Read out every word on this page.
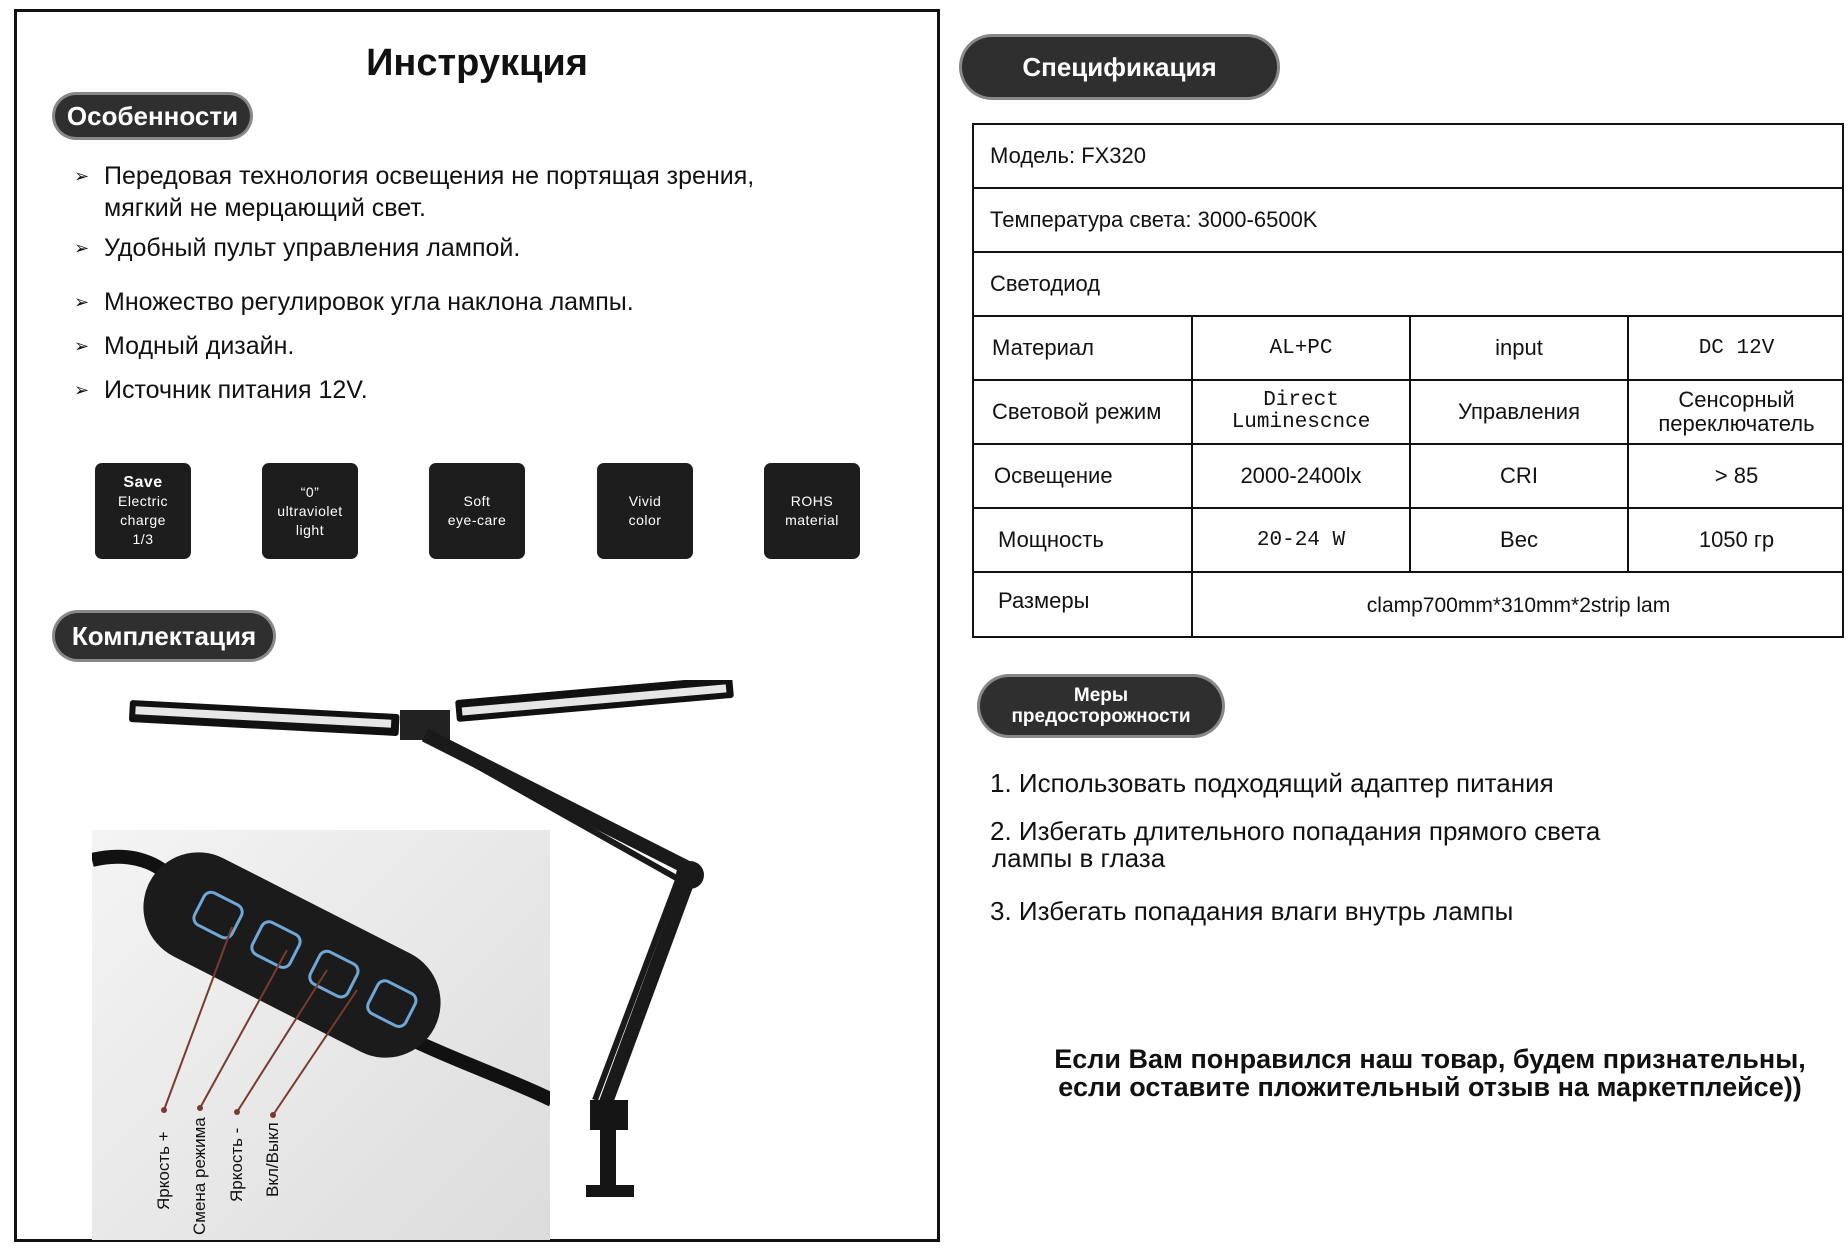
Инструкция
Особенности
➢ Передовая технология освещения не портящая зрения, мягкий не мерцающий свет.
➢ Удобный пульт управления лампой.
➢ Множество регулировок угла наклона лампы.
➢ Модный дизайн.
➢ Источник питания 12V.
Save
Electric
charge
1/3
“0”
ultraviolet
light
Soft
eye-care
Vivid
color
ROHS
material
Комплектация
Яркость + Смена режима Яркость - Вкл/Выкл
Спецификация
Модель: FX320
Температура света: 3000-6500K
Светодиод
Материал	AL+PC	input	DC 12V
Световой режим	Direct Luminescnce	Управления	Сенсорный переключатель
Освещение	2000-2400lx	CRI	> 85
Мощность	20-24 W	Вес	1050 гр
Размеры	clamp700mm*310mm*2strip lam
Меры
предосторожности
1. Использовать подходящий адаптер питания
2. Избегать длительного попадания прямого света
лампы в глаза
3. Избегать попадания влаги внутрь лампы
Если Вам понравился наш товар, будем признательны,
если оставите пложительный отзыв на маркетплейсе))
